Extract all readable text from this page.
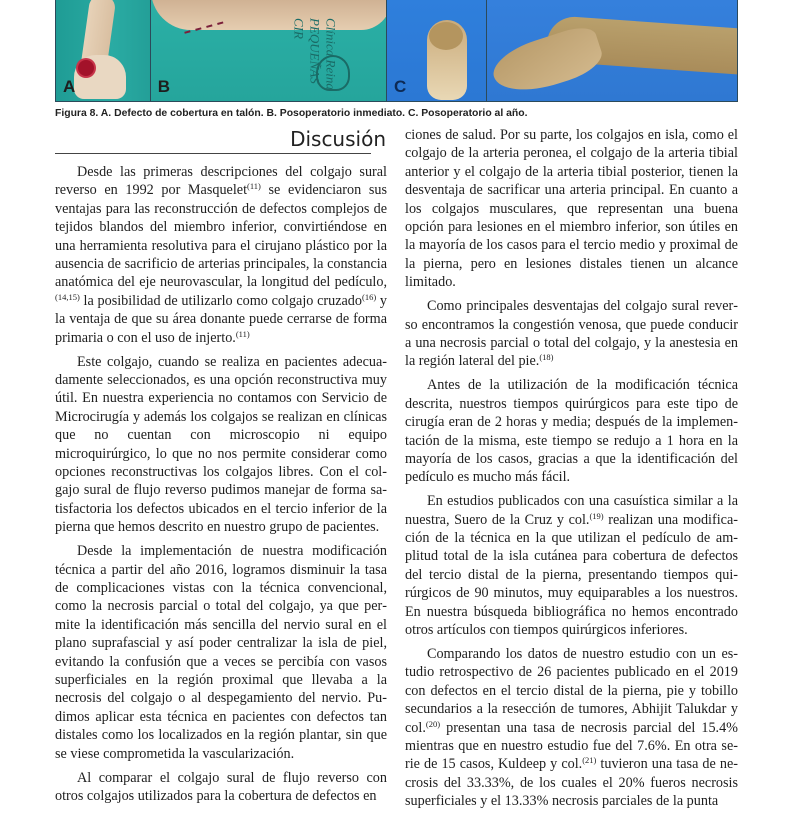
A	Clínica Reina PEQUEÑAS CIR
B	C
Figura 8. A. Defecto de cobertura en talón. B. Posoperatorio inmediato. C. Posoperatorio al año.
Discusión

Desde las primeras descripciones del colgajo sural reverso en 1992 por Masquelet$^{(11)}$ se evidenciaron sus ventajas para las reconstrucción de defectos complejos de tejidos blandos del miembro inferior, convirtiéndose en una herramienta resolutiva para el cirujano plástico por la ausencia de sacrificio de arterias principales, la constancia anatómica del eje neurovascular, la longitud del pedículo,$^{(14,15)}$ la posibilidad de utilizarlo como colgajo cruzado$^{(16)}$ y la ventaja de que su área donante puede cerrarse de forma primaria o con el uso de injerto.$^{(11)}$

Este colgajo, cuando se realiza en pacientes adecuadamente seleccionados, es una opción reconstructiva muy útil. En nuestra experiencia no contamos con Servicio de Microcirugía y además los colgajos se realizan en clínicas que no cuentan con microscopio ni equipo microquirúrgico, lo que no nos permite considerar como opciones reconstructivas los colgajos libres. Con el colgajo sural de flujo reverso pudimos manejar de forma satisfactoria los defectos ubicados en el tercio inferior de la pierna que hemos descrito en nuestro grupo de pacientes.

Desde la implementación de nuestra modificación técnica a partir del año 2016, logramos disminuir la tasa de complicaciones vistas con la técnica convencional, como la necrosis parcial o total del colgajo, ya que permite la identificación más sencilla del nervio sural en el plano suprafascial y así poder centralizar la isla de piel, evitando la confusión que a veces se percibía con vasos superficiales en la región proximal que llevaba a la necrosis del colgajo o al despegamiento del nervio. Pudimos aplicar esta técnica en pacientes con defectos tan distales como los localizados en la región plantar, sin que se viese comprometida la vascularización.

Al comparar el colgajo sural de flujo reverso con otros colgajos utilizados para la cobertura de defectos en

ciones de salud. Por su parte, los colgajos en isla, como el colgajo de la arteria peronea, el colgajo de la arteria tibial anterior y el colgajo de la arteria tibial posterior, tienen la desventaja de sacrificar una arteria principal. En cuanto a los colgajos musculares, que representan una buena opción para lesiones en el miembro inferior, son útiles en la mayoría de los casos para el tercio medio y proximal de la pierna, pero en lesiones distales tienen un alcance limitado.

Como principales desventajas del colgajo sural reverso encontramos la congestión venosa, que puede conducir a una necrosis parcial o total del colgajo, y la anestesia en la región lateral del pie.$^{(18)}$

Antes de la utilización de la modificación técnica descrita, nuestros tiempos quirúrgicos para este tipo de cirugía eran de 2 horas y media; después de la implementación de la misma, este tiempo se redujo a 1 hora en la mayoría de los casos, gracias a que la identificación del pedículo es mucho más fácil.

En estudios publicados con una casuística similar a la nuestra, Suero de la Cruz y col.$^{(19)}$ realizan una modificación de la técnica en la que utilizan el pedículo de amplitud total de la isla cutánea para cobertura de defectos del tercio distal de la pierna, presentando tiempos quirúrgicos de 90 minutos, muy equiparables a los nuestros. En nuestra búsqueda bibliográfica no hemos encontrado otros artículos con tiempos quirúrgicos inferiores.

Comparando los datos de nuestro estudio con un estudio retrospectivo de 26 pacientes publicado en el 2019 con defectos en el tercio distal de la pierna, pie y tobillo secundarios a la resección de tumores, Abhijit Talukdar y col.$^{(20)}$ presentan una tasa de necrosis parcial del 15.4% mientras que en nuestro estudio fue del 7.6%. En otra serie de 15 casos, Kuldeep y col.$^{(21)}$ tuvieron una tasa de necrosis del 33.33%, de los cuales el 20% fueros necrosis superficiales y el 13.33% necrosis parciales de la punta
